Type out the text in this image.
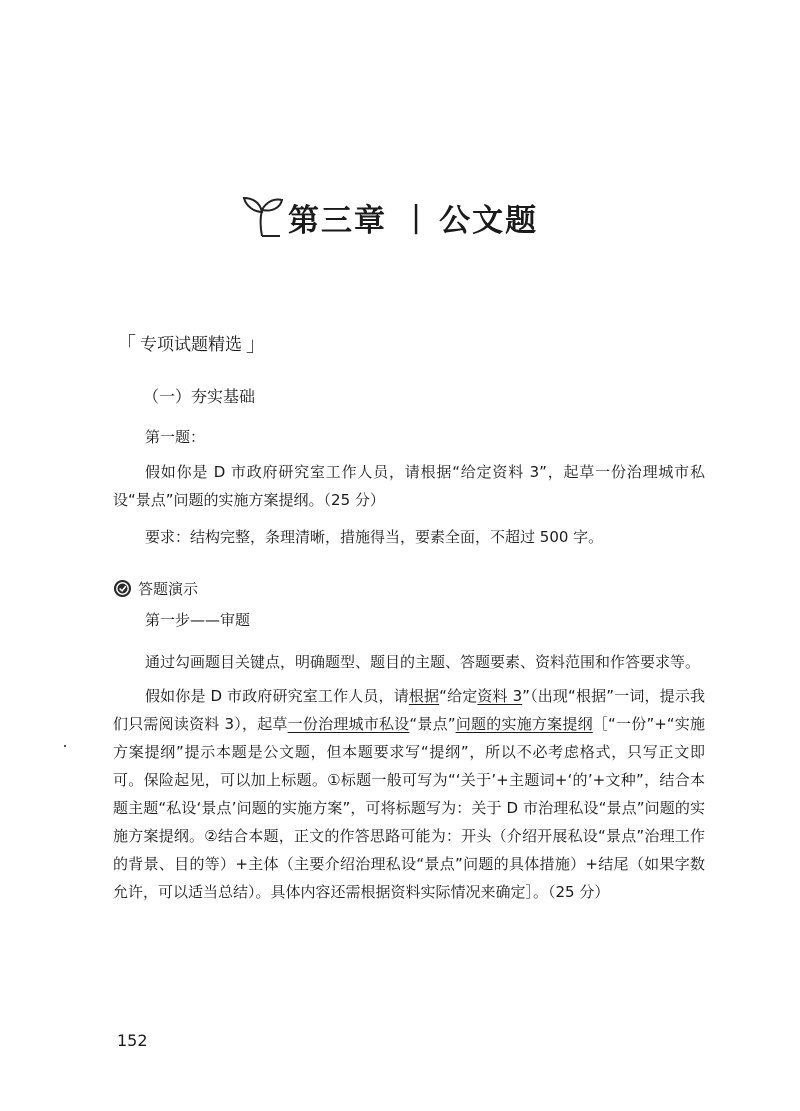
第三章 | 公文题
「 专项试题精选 」
（一）夯实基础
第一题：

假如你是 D 市政府研究室工作人员，请根据“给定资料 3”，起草一份治理城市私设“景点”问题的实施方案提纲。（25 分）

要求：结构完整，条理清晰，措施得当，要素全面，不超过 500 字。

答题演示
第一步——审题

通过勾画题目关键点，明确题型、题目的主题、答题要素、资料范围和作答要求等。

假如你是 D 市政府研究室工作人员，请根据“给定资料 3”（出现“根据”一词，提示我们只需阅读资料 3），起草一份治理城市私设“景点”问题的实施方案提纲［“一份”+“实施方案提纲”提示本题是公文题，但本题要求写“提纲”，所以不必考虑格式，只写正文即可。保险起见，可以加上标题。①标题一般可写为“‘关于’+主题词+‘的’+文种”，结合本题主题“私设‘景点’问题的实施方案”，可将标题写为：关于 D 市治理私设“景点”问题的实施方案提纲。②结合本题，正文的作答思路可能为：开头（介绍开展私设“景点”治理工作的背景、目的等）+主体（主要介绍治理私设“景点”问题的具体措施）+结尾（如果字数允许，可以适当总结）。具体内容还需根据资料实际情况来确定］。（25 分）

152
